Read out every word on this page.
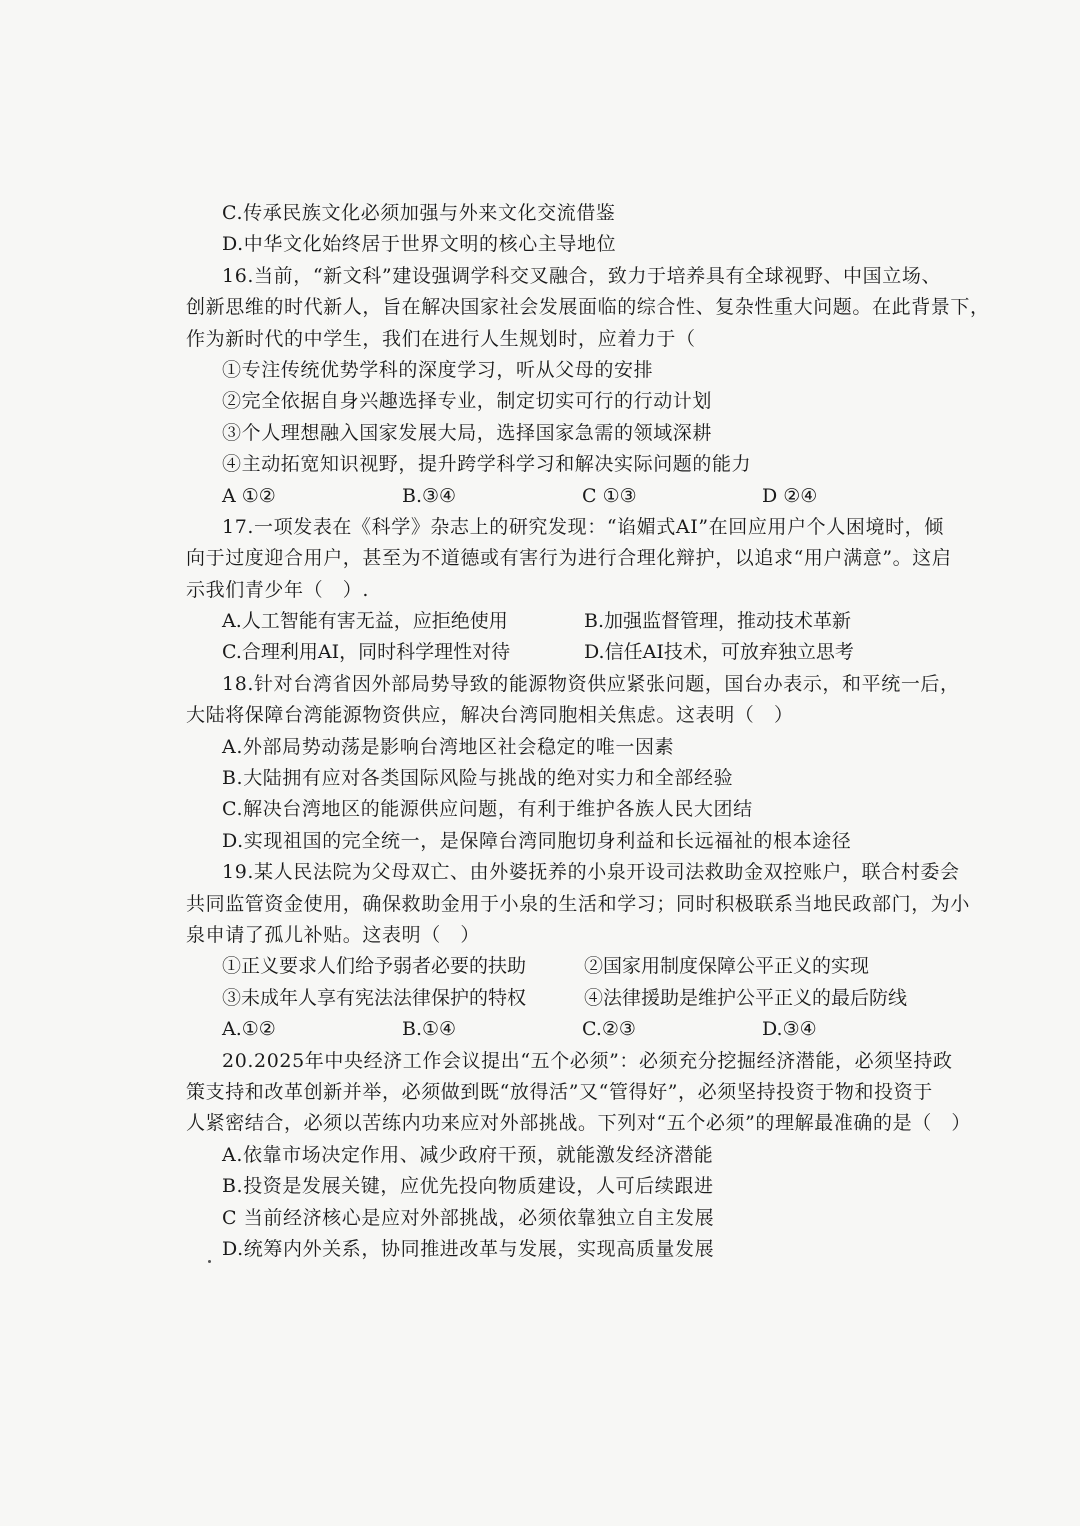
C.传承民族文化必须加强与外来文化交流借鉴
D.中华文化始终居于世界文明的核心主导地位
16.当前，“新文科”建设强调学科交叉融合，致力于培养具有全球视野、中国立场、
创新思维的时代新人，旨在解决国家社会发展面临的综合性、复杂性重大问题。在此背景下，
作为新时代的中学生，我们在进行人生规划时，应着力于（
①专注传统优势学科的深度学习，听从父母的安排
②完全依据自身兴趣选择专业，制定切实可行的行动计划
③个人理想融入国家发展大局，选择国家急需的领域深耕
④主动拓宽知识视野，提升跨学科学习和解决实际问题的能力
A ①②	B.③④	C ①③	D ②④
17.一项发表在《科学》杂志上的研究发现：“谄媚式AI”在回应用户个人困境时，倾
向于过度迎合用户，甚至为不道德或有害行为进行合理化辩护，以追求“用户满意”。这启
示我们青少年（　）.
A.人工智能有害无益，应拒绝使用	B.加强监督管理，推动技术革新
C.合理利用AI，同时科学理性对待	D.信任AI技术，可放弃独立思考
18.针对台湾省因外部局势导致的能源物资供应紧张问题，国台办表示，和平统一后，
大陆将保障台湾能源物资供应，解决台湾同胞相关焦虑。这表明（　）
A.外部局势动荡是影响台湾地区社会稳定的唯一因素
B.大陆拥有应对各类国际风险与挑战的绝对实力和全部经验
C.解决台湾地区的能源供应问题，有利于维护各族人民大团结
D.实现祖国的完全统一，是保障台湾同胞切身利益和长远福祉的根本途径
19.某人民法院为父母双亡、由外婆抚养的小泉开设司法救助金双控账户，联合村委会
共同监管资金使用，确保救助金用于小泉的生活和学习；同时积极联系当地民政部门，为小
泉申请了孤儿补贴。这表明（　）
①正义要求人们给予弱者必要的扶助	②国家用制度保障公平正义的实现
③未成年人享有宪法法律保护的特权	④法律援助是维护公平正义的最后防线
A.①②	B.①④	C.②③	D.③④
20.2025年中央经济工作会议提出“五个必须”：必须充分挖掘经济潜能，必须坚持政
策支持和改革创新并举，必须做到既“放得活”又“管得好”，必须坚持投资于物和投资于
人紧密结合，必须以苦练内功来应对外部挑战。下列对“五个必须”的理解最准确的是（　）
A.依靠市场决定作用、减少政府干预，就能激发经济潜能
B.投资是发展关键，应优先投向物质建设，人可后续跟进
C 当前经济核心是应对外部挑战，必须依靠独立自主发展
D.统筹内外关系，协同推进改革与发展，实现高质量发展
